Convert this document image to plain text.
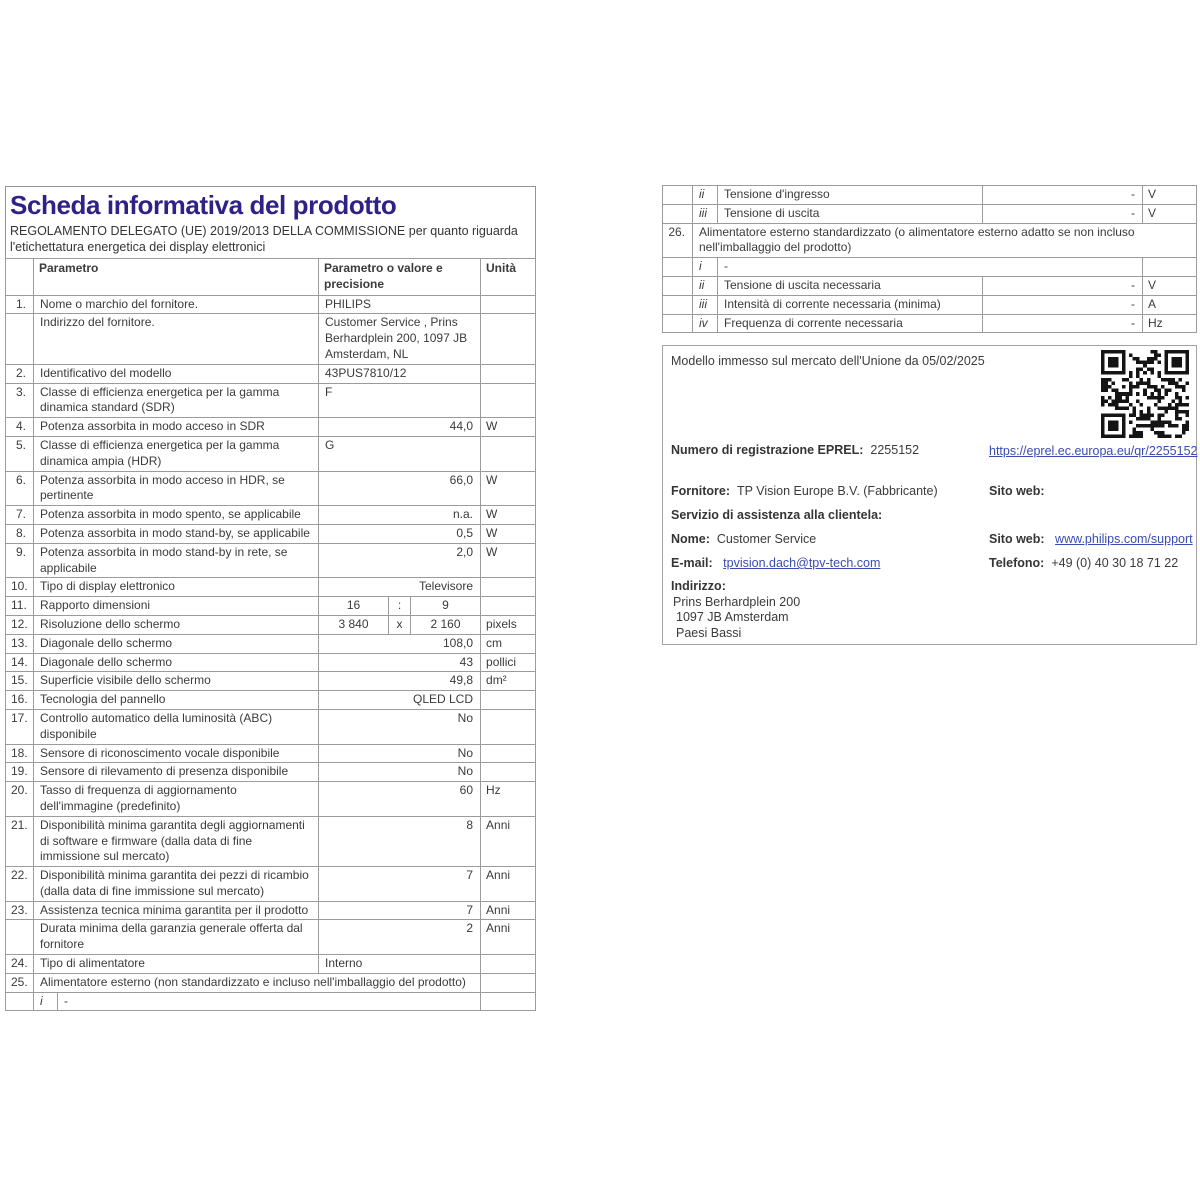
Scheda informativa del prodotto
REGOLAMENTO DELEGATO (UE) 2019/2013 DELLA COMMISSIONE per quanto riguarda l'etichettatura energetica dei display elettronici
	Parametro		Parametro o valore e precisione			Unità
1.	Nome o marchio del fornitore.		PHILIPS			
	Indirizzo del fornitore.		Customer Service , Prins Berhardplein 200, 1097 JB Amsterdam, NL			
2.	Identificativo del modello		43PUS7810/12			
3.	Classe di efficienza energetica per la gamma dinamica standard (SDR)		F			
4.	Potenza assorbita in modo acceso in SDR		44,0			W
5.	Classe di efficienza energetica per la gamma dinamica ampia (HDR)		G			
6.	Potenza assorbita in modo acceso in HDR, se pertinente		66,0			W
7.	Potenza assorbita in modo spento, se applicabile		n.a.			W
8.	Potenza assorbita in modo stand-by, se applicabile		0,5			W
9.	Potenza assorbita in modo stand-by in rete, se applicabile		2,0			W
10.	Tipo di display elettronico		Televisore			
11.	Rapporto dimensioni		16	:	9	
12.	Risoluzione dello schermo		3 840	x	2 160	pixels
13.	Diagonale dello schermo		108,0			cm
14.	Diagonale dello schermo		43			pollici
15.	Superficie visibile dello schermo		49,8			dm²
16.	Tecnologia del pannello		QLED LCD			
17.	Controllo automatico della luminosità (ABC) disponibile		No			
18.	Sensore di riconoscimento vocale disponibile		No			
19.	Sensore di rilevamento di presenza disponibile		No			
20.	Tasso di frequenza di aggiornamento dell'immagine (predefinito)		60			Hz
21.	Disponibilità minima garantita degli aggiornamenti di software e firmware (dalla data di fine immissione sul mercato)		8			Anni
22.	Disponibilità minima garantita dei pezzi di ricambio (dalla data di fine immissione sul mercato)		7			Anni
23.	Assistenza tecnica minima garantita per il prodotto		7			Anni
	Durata minima della garanzia generale offerta dal fornitore		2			Anni
24.	Tipo di alimentatore		Interno			
25.	Alimentatore esterno (non standardizzato e incluso nell'imballaggio del prodotto)					
	i	-				
	ii	Tensione d'ingresso	-	V
	iii	Tensione di uscita	-	V
26.	Alimentatore esterno standardizzato (o alimentatore esterno adatto se non incluso nell'imballaggio del prodotto)			
	i	-		
	ii	Tensione di uscita necessaria	-	V
	iii	Intensità di corrente necessaria (minima)	-	A
	iv	Frequenza di corrente necessaria	-	Hz
Modello immesso sul mercato dell'Unione da 05/02/2025
Numero di registrazione EPREL: 2255152	https://eprel.ec.europa.eu/qr/2255152
Fornitore: TP Vision Europe B.V. (Fabbricante)	Sito web:
Servizio di assistenza alla clientela:
Nome: Customer Service	Sito web: www.philips.com/support
E-mail: tpvision.dach@tpv-tech.com	Telefono: +49 (0) 40 30 18 71 22
Indirizzo:
Prins Berhardplein 200
1097 JB Amsterdam
Paesi Bassi
